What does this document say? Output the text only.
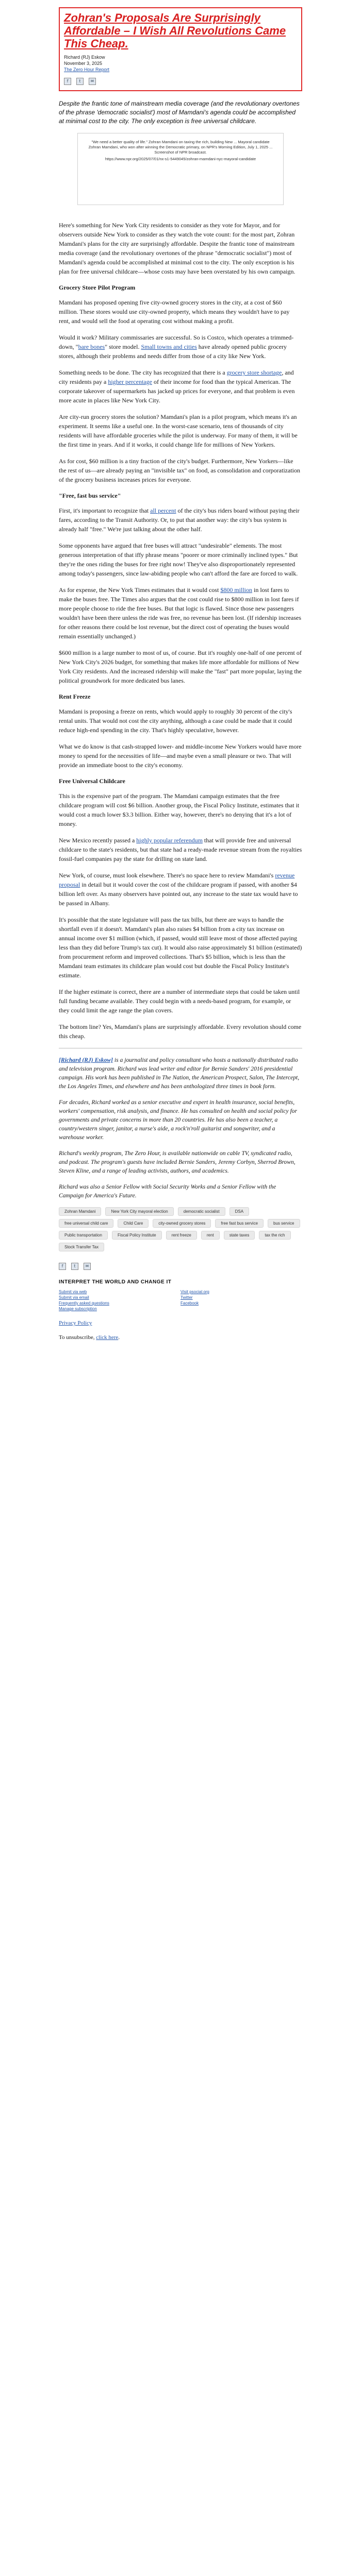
Zohran's Proposals Are Surprisingly Affordable – I Wish All Revolutions Came This Cheap.
Richard (RJ) Eskow
November 3, 2025
The Zero Hour Report
f	t	✉

Despite the frantic tone of mainstream media coverage (and the revolutionary overtones of the phrase 'democratic socialist') most of Mamdani's agenda could be accomplished at minimal cost to the city. The only exception is free universal childcare.

"We need a better quality of life." Zohran Mamdani on taxing the rich, building New ... Mayoral candidate Zohran Mamdani, who won after winning the Democratic primary, on NPR's Morning Edition, July 1, 2025 ... Screenshot of NPR broadcast.

https://www.npr.org/2025/07/01/nx-s1-5449045/zohran-mamdani-nyc-mayoral-candidate

Here's something for New York City residents to consider as they vote for Mayor, and for observers outside New York to consider as they watch the vote count: for the most part, Zohran Mamdani's plans for the city are surprisingly affordable. Despite the frantic tone of mainstream media coverage (and the revolutionary overtones of the phrase "democratic socialist") most of Mamdani's agenda could be accomplished at minimal cost to the city. The only exception is his plan for free universal childcare—whose costs may have been overstated by his own campaign.

Grocery Store Pilot Program

Mamdani has proposed opening five city-owned grocery stores in the city, at a cost of $60 million. These stores would use city-owned property, which means they wouldn't have to pay rent, and would sell the food at operating cost without making a profit.

Would it work? Military commissaries are successful. So is Costco, which operates a trimmed-down, "bare bones" store model. Small towns and cities have already opened public grocery stores, although their problems and needs differ from those of a city like New York.

Something needs to be done. The city has recognized that there is a grocery store shortage, and city residents pay a higher percentage of their income for food than the typical American. The corporate takeover of supermarkets has jacked up prices for everyone, and that problem is even more acute in places like New York City.

Are city-run grocery stores the solution? Mamdani's plan is a pilot program, which means it's an experiment. It seems like a useful one. In the worst-case scenario, tens of thousands of city residents will have affordable groceries while the pilot is underway. For many of them, it will be the first time in years. And if it works, it could change life for millions of New Yorkers.

As for cost, $60 million is a tiny fraction of the city's budget. Furthermore, New Yorkers—like the rest of us—are already paying an "invisible tax" on food, as consolidation and corporatization of the grocery business increases prices for everyone.

"Free, fast bus service"

First, it's important to recognize that all percent of the city's bus riders board without paying their fares, according to the Transit Authority. Or, to put that another way: the city's bus system is already half "free." We're just talking about the other half.

Some opponents have argued that free buses will attract "undesirable" elements. The most generous interpretation of that iffy phrase means "poorer or more criminally inclined types." But they're the ones riding the buses for free right now! They've also disproportionately represented among today's passengers, since law-abiding people who can't afford the fare are forced to walk.

As for expense, the New York Times estimates that it would cost $800 million in lost fares to make the buses free. The Times also argues that the cost could rise to $800 million in lost fares if more people choose to ride the free buses. But that logic is flawed. Since those new passengers wouldn't have been there unless the ride was free, no revenue has been lost. (If ridership increases for other reasons there could be lost revenue, but the direct cost of operating the buses would remain essentially unchanged.)

$600 million is a large number to most of us, of course. But it's roughly one-half of one percent of New York City's 2026 budget, for something that makes life more affordable for millions of New York City residents. And the increased ridership will make the "fast" part more popular, laying the political groundwork for more dedicated bus lanes.

Rent Freeze

Mamdani is proposing a freeze on rents, which would apply to roughly 30 percent of the city's rental units. That would not cost the city anything, although a case could be made that it could reduce high-end spending in the city. That's highly speculative, however.

What we do know is that cash-strapped lower- and middle-income New Yorkers would have more money to spend for the necessities of life—and maybe even a small pleasure or two. That will provide an immediate boost to the city's economy.

Free Universal Childcare

This is the expensive part of the program. The Mamdani campaign estimates that the free childcare program will cost $6 billion. Another group, the Fiscal Policy Institute, estimates that it would cost a much lower $3.3 billion. Either way, however, there's no denying that it's a lot of money.

New Mexico recently passed a highly popular referendum that will provide free and universal childcare to the state's residents, but that state had a ready-made revenue stream from the royalties fossil-fuel companies pay the state for drilling on state land.

New York, of course, must look elsewhere. There's no space here to review Mamdani's revenue proposal in detail but it would cover the cost of the childcare program if passed, with another $4 billion left over. As many observers have pointed out, any increase to the state tax would have to be passed in Albany.

It's possible that the state legislature will pass the tax bills, but there are ways to handle the shortfall even if it doesn't. Mamdani's plan also raises $4 billion from a city tax increase on annual income over $1 million (which, if passed, would still leave most of those affected paying less than they did before Trump's tax cut). It would also raise approximately $1 billion (estimated) from procurement reform and improved collections. That's $5 billion, which is less than the Mamdani team estimates its childcare plan would cost but double the Fiscal Policy Institute's estimate.

If the higher estimate is correct, there are a number of intermediate steps that could be taken until full funding became available. They could begin with a needs-based program, for example, or they could limit the age range the plan covers.

The bottom line? Yes, Mamdani's plans are surprisingly affordable. Every revolution should come this cheap.

[Richard (RJ) Eskow] is a journalist and policy consultant who hosts a nationally distributed radio and television program. Richard was lead writer and editor for Bernie Sanders' 2016 presidential campaign. His work has been published in The Nation, the American Prospect, Salon, The Intercept, the Los Angeles Times, and elsewhere and has been anthologized three times in book form.

For decades, Richard worked as a senior executive and expert in health insurance, social benefits, workers' compensation, risk analysis, and finance. He has consulted on health and social policy for governments and private concerns in more than 20 countries. He has also been a teacher, a country/western singer, janitor, a nurse's aide, a rock'n'roll guitarist and songwriter, and a warehouse worker.

Richard's weekly program, The Zero Hour, is available nationwide on cable TV, syndicated radio, and podcast. The program's guests have included Bernie Sanders, Jeremy Corbyn, Sherrod Brown, Steven Kline, and a range of leading activists, authors, and academics.

Richard was also a Senior Fellow with Social Security Works and a Senior Fellow with the Campaign for America's Future.

Zohran Mamdani	New York City mayoral election	democratic socialist	DSA
free universal child care	Child Care	city-owned grocery stores	free fast bus service	bus service
Public transportation	Fiscal Policy Institute	rent freeze	rent	state taxes	tax the rich
Stock Transfer Tax
f	t	✉
INTERPRET THE WORLD AND CHANGE IT
Submit via web	Visit psocial.org
Submit via email	Twitter
Frequently asked questions	Facebook
Manage subscription

Privacy Policy

To unsubscribe, click here.
